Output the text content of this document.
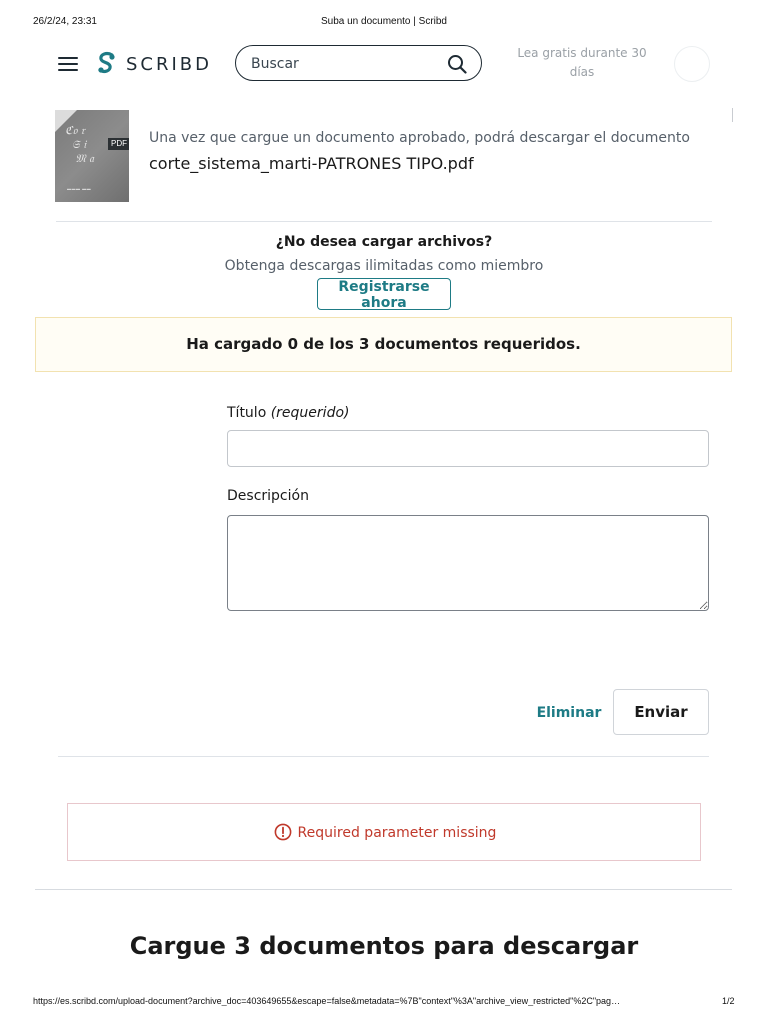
26/2/24, 23:31	Suba un documento | Scribd
SCRIBD
Buscar
Lea gratis durante 30 días
ℭ𝔬 𝔯
𝔖 𝔦
𝔐 𝔞
▬▬▬ ▬▬
PDF Una vez que cargue un documento aprobado, podrá descargar el documento
corte_sistema_marti-PATRONES TIPO.pdf
¿No desea cargar archivos?
Obtenga descargas ilimitadas como miembro
Registrarse ahora
Ha cargado 0 de los 3 documentos requeridos.
Título (requerido)
Descripción
Eliminar	Enviar
Required parameter missing
Cargue 3 documentos para descargar
https://es.scribd.com/upload-document?archive_doc=403649655&escape=false&metadata=%7B"context"%3A"archive_view_restricted"%2C"pag…	1/2
